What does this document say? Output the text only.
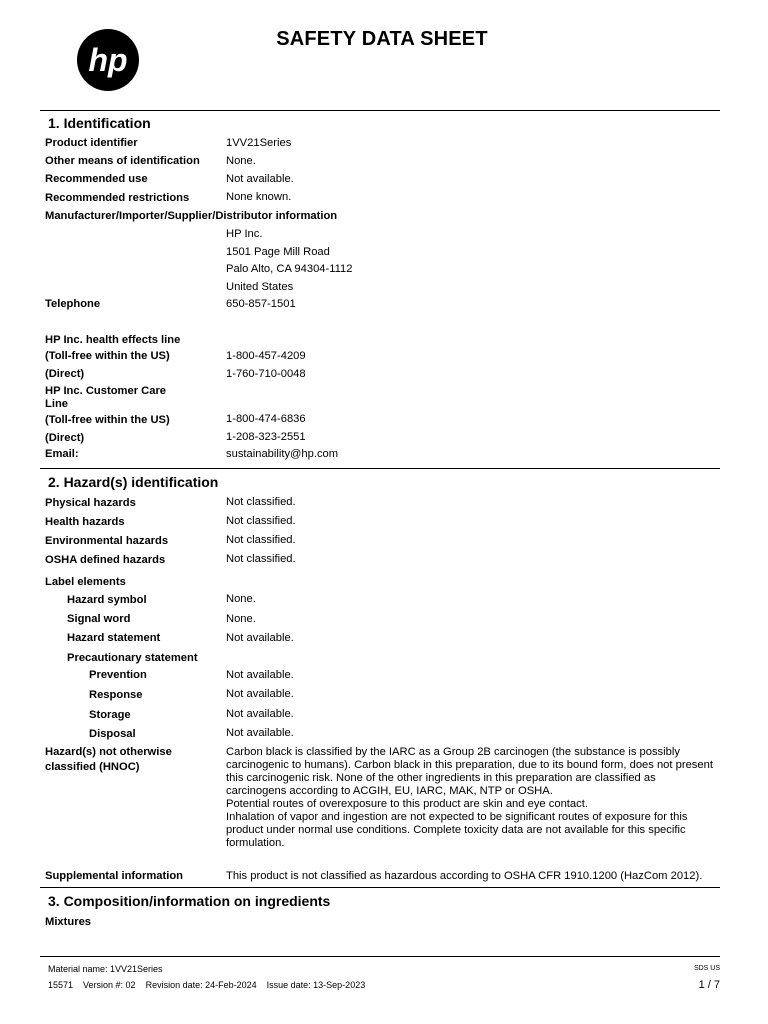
hp
SAFETY DATA SHEET
1. Identification
Product identifier	1VV21Series
Other means of identification None.
Recommended use	Not available.
Recommended restrictions	None known.
Manufacturer/Importer/Supplier/Distributor information
HP Inc.
1501 Page Mill Road
Palo Alto, CA 94304-1112
United States
Telephone	650-857-1501
HP Inc. health effects line
(Toll-free within the US)	1-800-457-4209
(Direct)	1-760-710-0048
HP Inc. Customer Care
Line
(Toll-free within the US)	1-800-474-6836
(Direct)	1-208-323-2551
Email:	sustainability@hp.com
2. Hazard(s) identification
Physical hazards	Not classified.
Health hazards	Not classified.
Environmental hazards	Not classified.
OSHA defined hazards	Not classified.
Label elements
Hazard symbol	None.
Signal word	None.
Hazard statement	Not available.
Precautionary statement
Prevention	Not available.
Response	Not available.
Storage	Not available.
Disposal	Not available.
Hazard(s) not otherwise
classified (HNOC)

Carbon black is classified by the IARC as a Group 2B carcinogen (the substance is possibly carcinogenic to humans). Carbon black in this preparation, due to its bound form, does not present this carcinogenic risk. None of the other ingredients in this preparation are classified as carcinogens according to ACGIH, EU, IARC, MAK, NTP or OSHA.

Potential routes of overexposure to this product are skin and eye contact.

Inhalation of vapor and ingestion are not expected to be significant routes of exposure for this product under normal use conditions. Complete toxicity data are not available for this specific formulation.

Supplemental information	This product is not classified as hazardous according to OSHA CFR 1910.1200 (HazCom 2012).
3. Composition/information on ingredients
Mixtures
Material name: 1VV21Series
15571    Version #: 02    Revision date: 24-Feb-2024    Issue date: 13-Sep-2023
SDS US
1 / 7
